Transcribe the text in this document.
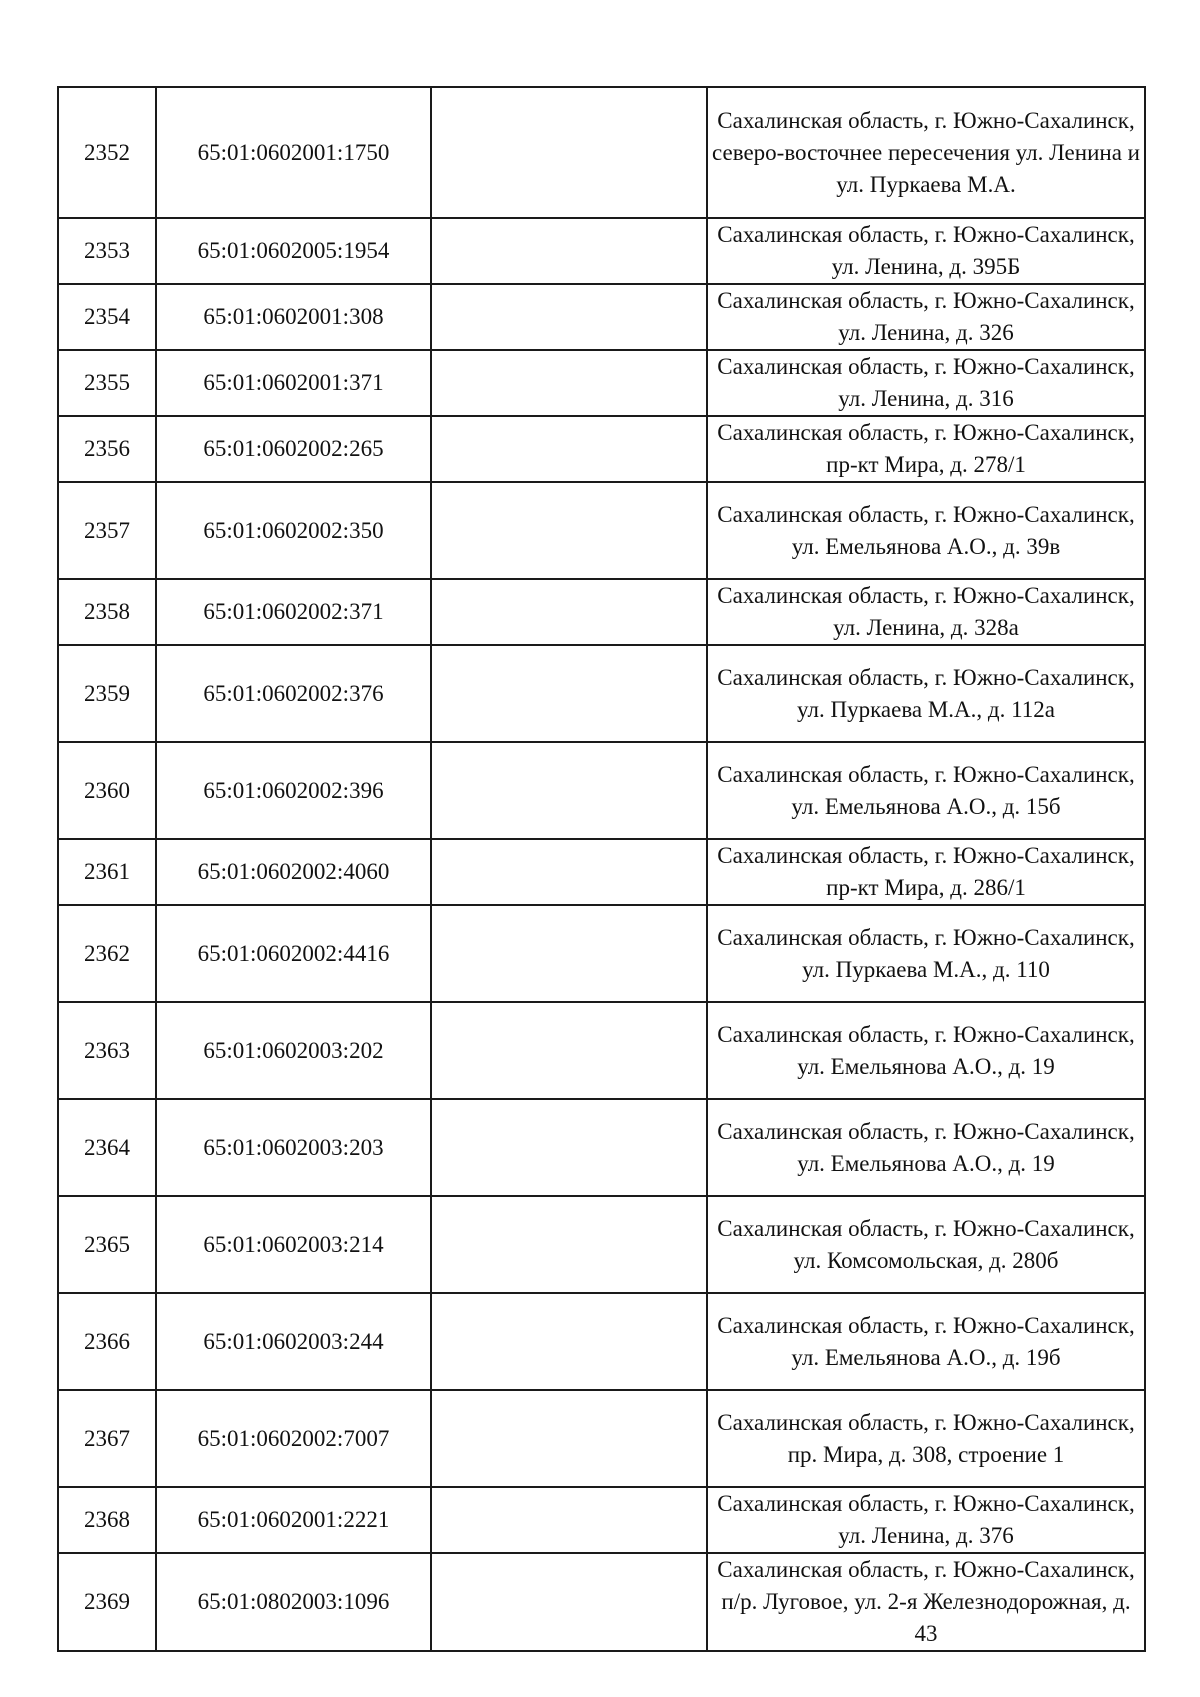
2352	65:01:0602001:1750		Сахалинская область, г. Южно-Сахалинск, северо-восточнее пересечения ул. Ленина и ул. Пуркаева М.А.
2353	65:01:0602005:1954		Сахалинская область, г. Южно-Сахалинск, ул. Ленина, д. 395Б
2354	65:01:0602001:308		Сахалинская область, г. Южно-Сахалинск, ул. Ленина, д. 326
2355	65:01:0602001:371		Сахалинская область, г. Южно-Сахалинск, ул. Ленина, д. 316
2356	65:01:0602002:265		Сахалинская область, г. Южно-Сахалинск, пр-кт Мира, д. 278/1
2357	65:01:0602002:350		Сахалинская область, г. Южно-Сахалинск, ул. Емельянова А.О., д. 39в
2358	65:01:0602002:371		Сахалинская область, г. Южно-Сахалинск, ул. Ленина, д. 328а
2359	65:01:0602002:376		Сахалинская область, г. Южно-Сахалинск, ул. Пуркаева М.А., д. 112а
2360	65:01:0602002:396		Сахалинская область, г. Южно-Сахалинск, ул. Емельянова А.О., д. 15б
2361	65:01:0602002:4060		Сахалинская область, г. Южно-Сахалинск, пр-кт Мира, д. 286/1
2362	65:01:0602002:4416		Сахалинская область, г. Южно-Сахалинск, ул. Пуркаева М.А., д. 110
2363	65:01:0602003:202		Сахалинская область, г. Южно-Сахалинск, ул. Емельянова А.О., д. 19
2364	65:01:0602003:203		Сахалинская область, г. Южно-Сахалинск, ул. Емельянова А.О., д. 19
2365	65:01:0602003:214		Сахалинская область, г. Южно-Сахалинск, ул. Комсомольская, д. 280б
2366	65:01:0602003:244		Сахалинская область, г. Южно-Сахалинск, ул. Емельянова А.О., д. 19б
2367	65:01:0602002:7007		Сахалинская область, г. Южно-Сахалинск, пр. Мира, д. 308, строение 1
2368	65:01:0602001:2221		Сахалинская область, г. Южно-Сахалинск, ул. Ленина, д. 376
2369	65:01:0802003:1096		Сахалинская область, г. Южно-Сахалинск, п/р. Луговое, ул. 2-я Железнодорожная, д. 43
